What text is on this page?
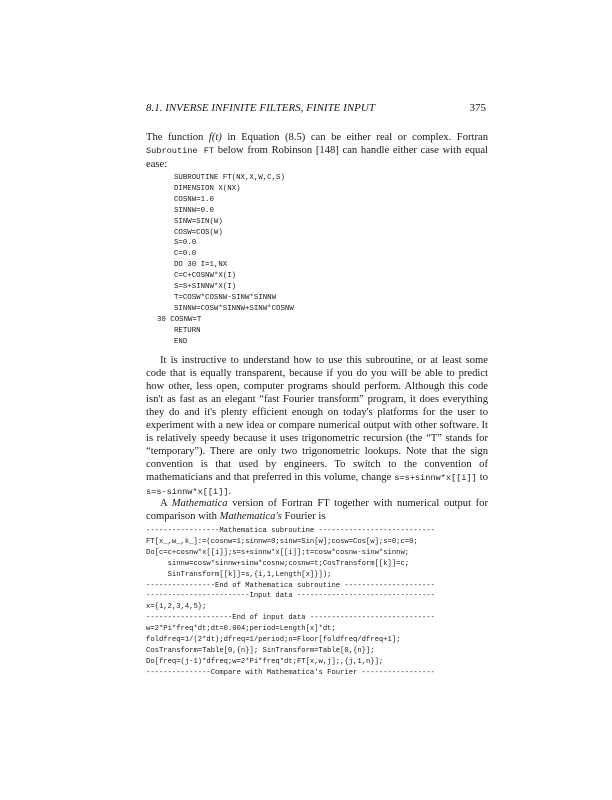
8.1. INVERSE INFINITE FILTERS, FINITE INPUT	375

The function f(t) in Equation (8.5) can be either real or complex. Fortran Subroutine FT below from Robinson [148] can handle either case with equal ease:

SUBROUTINE FT(NX,X,W,C,S)
DIMENSION X(NX)
COSNW=1.0
SINNW=0.0
SINW=SIN(W)
COSW=COS(W)
S=0.0
C=0.0
DO 30 I=1,NX
C=C+COSNW*X(I)
S=S+SINNW*X(I)
T=COSW*COSNW-SINW*SINNW
SINNW=COSW*SINNW+SINW*COSNW
30 COSNW=T
RETURN
END

It is instructive to understand how to use this subroutine, or at least some code that is equally transparent, because if you do you will be able to predict how other, less open, computer programs should perform. Although this code isn't as fast as an elegant “fast Fourier transform” program, it does everything they do and it's plenty efficient enough on today's platforms for the user to experiment with a new idea or compare numerical output with other software. It is relatively speedy because it uses trigonometric recursion (the “T” stands for “temporary”). There are only two trigonometric lookups. Note that the sign convention is that used by engineers. To switch to the convention of mathematicians and that preferred in this volume, change s=s+sinnw*x[[i]] to s=s-sinnw*x[[i]].

A Mathematica version of Fortran FT together with numerical output for comparison with Mathematica's Fourier is

-----------------Mathematica subroutine ---------------------------
FT[x_,w_,k_]:=(cosnw=1;sinnw=0;sinw=Sin[w];cosw=Cos[w];s=0;c=0;
Do[c=c+cosnw*x[[i]];s=s+sinnw*x[[i]];t=cosw*cosnw-sinw*sinnw;
sinnw=cosw*sinnw+sinw*cosnw;cosnw=t;CosTransform[[k]]=c;
SinTransform[[k]]=s,{i,1,Length[x]}]);
----------------End of Mathematica subroutine ---------------------
------------------------Input data --------------------------------
x={1,2,3,4,5};
--------------------End of input data -----------------------------
w=2*Pi*freq*dt;dt=0.004;period=Length[x]*dt;
foldfreq=1/(2*dt);dfreq=1/period;n=Floor[foldfreq/dfreq+1];
CosTransform=Table[0,{n}]; SinTransform=Table[0,{n}];
Do[freq=(j-1)*dfreq;w=2*Pi*freq*dt;FT[x,w,j];,{j,1,n}];
---------------Compare with Mathematica's Fourier -----------------
